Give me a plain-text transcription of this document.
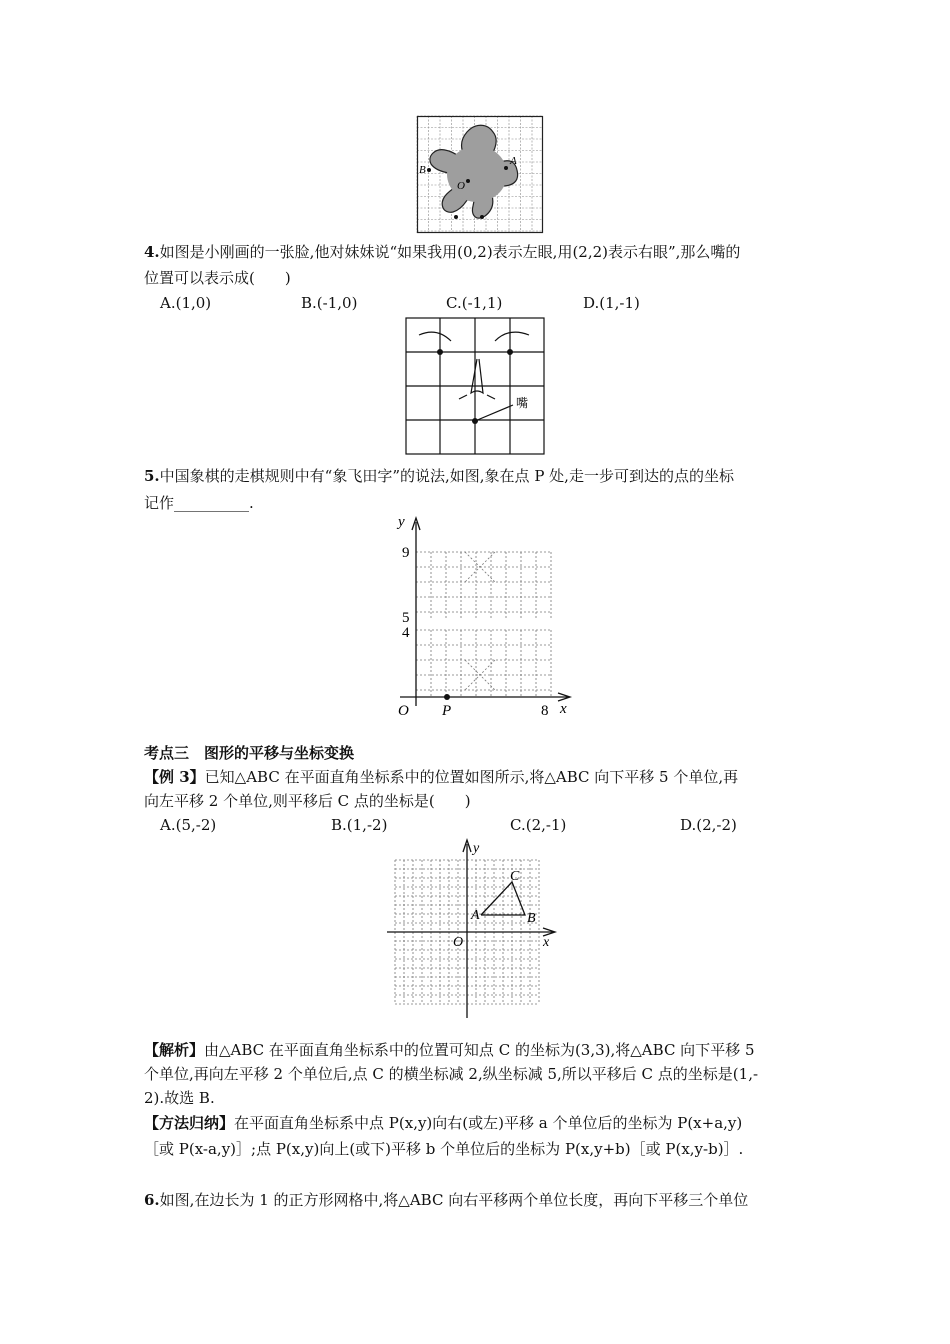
A
B
O
4.如图是小刚画的一张脸,他对妹妹说“如果我用(0,2)表示左眼,用(2,2)表示右眼”,那么嘴的
位置可以表示成(　　)
A.(1,0)	B.(-1,0)	C.(-1,1)	D.(1,-1)
嘴
5.中国象棋的走棋规则中有“象飞田字”的说法,如图,象在点 P 处,走一步可到达的点的坐标
记作__________.
y
x
O P
9
5
4
8
考点三　图形的平移与坐标变换
【例 3】已知△ABC 在平面直角坐标系中的位置如图所示,将△ABC 向下平移 5 个单位,再
向左平移 2 个单位,则平移后 C 点的坐标是(　　)
A.(5,-2)	B.(1,-2)	C.(2,-1)	D.(2,-2)
y
x
O
A	B
C
【解析】由△ABC 在平面直角坐标系中的位置可知点 C 的坐标为(3,3),将△ABC 向下平移 5
个单位,再向左平移 2 个单位后,点 C 的横坐标减 2,纵坐标减 5,所以平移后 C 点的坐标是(1,-
2).故选 B.
【方法归纳】在平面直角坐标系中点 P(x,y)向右(或左)平移 a 个单位后的坐标为 P(x+a,y)
［或 P(x-a,y)］;点 P(x,y)向上(或下)平移 b 个单位后的坐标为 P(x,y+b)［或 P(x,y-b)］.
6.如图,在边长为 1 的正方形网格中,将△ABC 向右平移两个单位长度，再向下平移三个单位
